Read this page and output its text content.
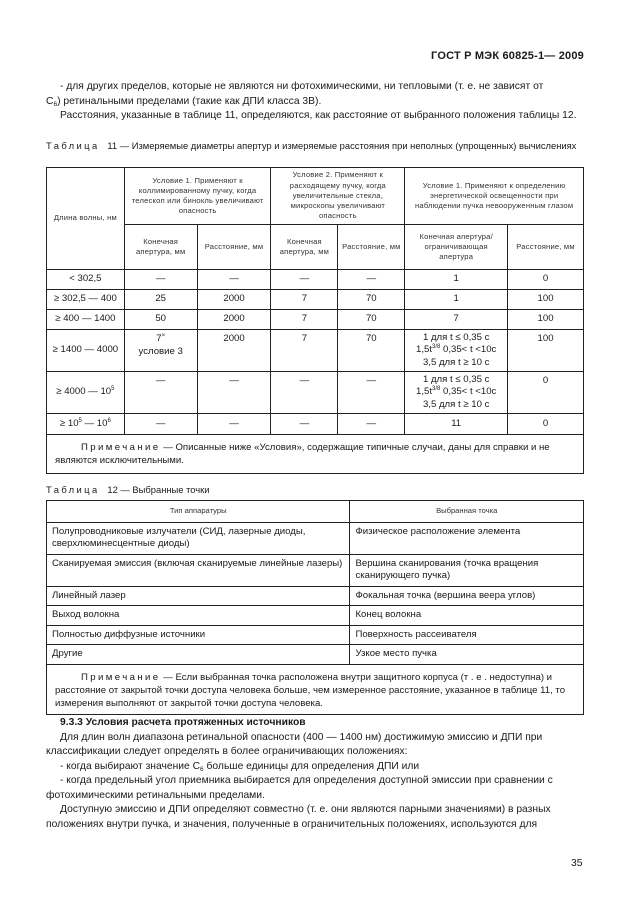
ГОСТ Р МЭК 60825-1— 2009

- для других пределов, которые не являются ни фотохимическими, ни тепловыми (т. е. не зависят от

$C_6$) ретинальными пределами (такие как ДПИ класса 3B).

Расстояния, указанные в таблице 11, определяются, как расстояние от выбранного положения таблицы 12.

Таблица 11 — Измеряемые диаметры апертур и измеряемые расстояния при неполных (упрощенных) вычислениях
Длина волны, нм	Условие 1. Применяют к коллимированному пучку, когда телескоп или бинокль увеличивают опасность		Условие 2. Применяют к расходящему пучку, когда увеличительные стекла, микроскопы увеличивают опасность		Условие 1. Применяют к определению энергетической освещенности при наблюдении пучка невооруженным глазом	
	Конечная апертура, мм	Расстояние, мм	Конечная апертура, мм	Расстояние, мм	Конечная апертура/ ограничивающая апертура	Расстояние, мм
< 302,5	—	—	—	—	1	0
≥ 302,5 — 400	25	2000	7	70	1	100
≥ 400 — 1400	50	2000	7	70	7	100
≥ 1400 — 4000	7×
условие 3	2000	7	70	1 для t ≤ 0,35 с
$1,5t^{3/8}$ 0,35< t <10с
3,5 для t ≥ 10 с	100
≥ 4000 — $10^5$	—	—	—	—	1 для t ≤ 0,35 с
$1,5t^{3/8}$ 0,35< t <10с
3,5 для t ≥ 10 с	0
≥ $10^5$ — $10^6$	—	—	—	—	11	0
Примечание — Описанные ниже «Условия», содержащие типичные случаи, даны для справки и не являются исключительными.						
Таблица 12 — Выбранные точки
Тип аппаратуры	Выбранная точка
Полупроводниковые излучатели (СИД, лазерные диоды, сверхлюминесцентные диоды)	Физическое расположение элемента
Сканируемая эмиссия (включая сканируемые линейные лазеры)	Вершина сканирования (точка вращения сканирующего пучка)
Линейный лазер	Фокальная точка (вершина веера углов)
Выход волокна	Конец волокна
Полностью диффузные источники	Поверхность рассеивателя
Другие	Узкое место пучка
Примечание — Если выбранная точка расположена внутри защитного корпуса (т . е . недоступна) и расстояние от закрытой точки доступа человека больше, чем измеренное расстояние, указанное в таблице 11, то измерения выполняют от закрытой точки доступа человека.	

9.3.3 Условия расчета протяженных источников

Для длин волн диапазона ретинальной опасности (400 — 1400 нм) достижимую эмиссию и ДПИ при классификации следует определять в более ограничивающих положениях:

- когда выбирают значение $C_6$ больше единицы для определения ДПИ или

- когда предельный угол приемника выбирается для определения доступной эмиссии при сравнении с фотохимическими ретинальными пределами.

Доступную эмиссию и ДПИ определяют совместно (т. е. они являются парными значениями) в разных положениях внутри пучка, и значения, полученные в ограничительных положениях, используются для

35
